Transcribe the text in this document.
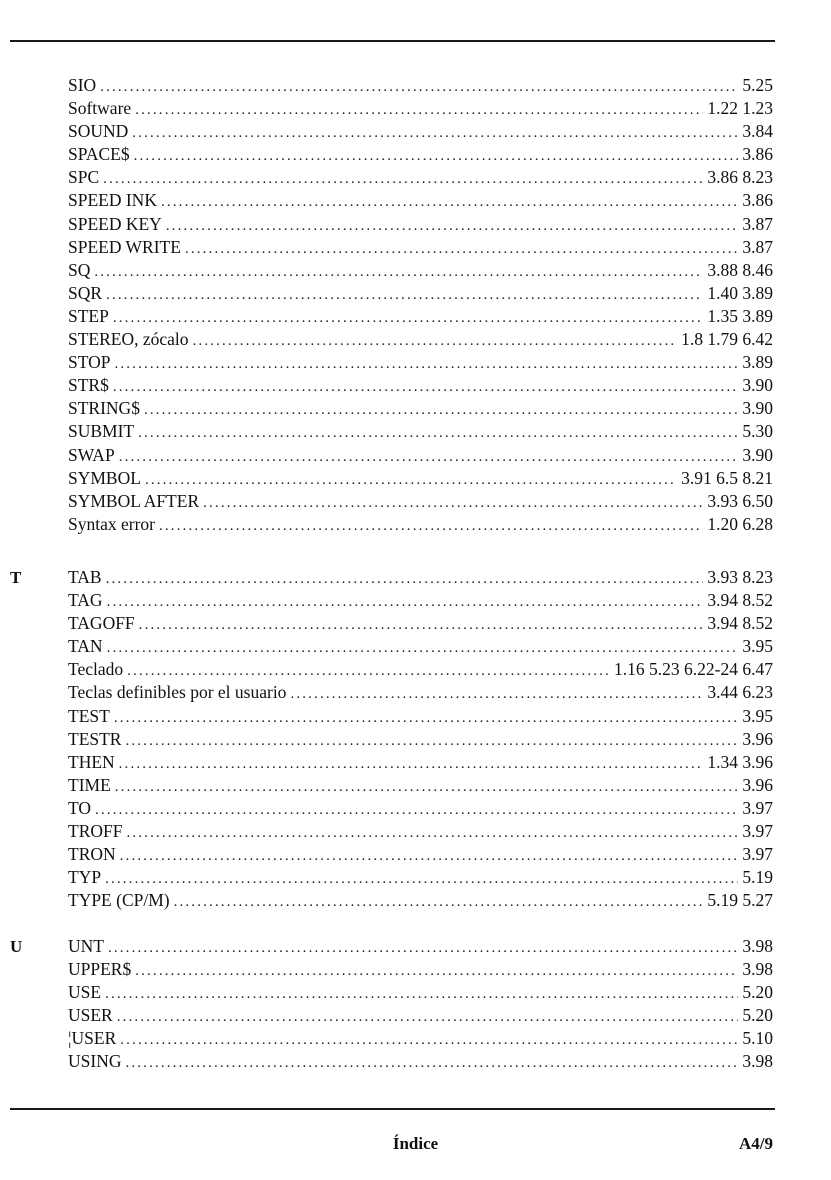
SIO . . .	5.25
Software . . .	1.22 1.23
SOUND . . .	3.84
SPACE$ . . .	3.86
SPC . . .	3.86 8.23
SPEED INK . . .	3.86
SPEED KEY . . .	3.87
SPEED WRITE . . .	3.87
SQ . . .	3.88 8.46
SQR . . .	1.40 3.89
STEP . . .	1.35 3.89
STEREO, zócalo . . .	1.8 1.79 6.42
STOP . . .	3.89
STR$ . . .	3.90
STRING$ . . .	3.90
SUBMIT . . .	5.30
SWAP . . .	3.90
SYMBOL . . .	3.91 6.5 8.21
SYMBOL AFTER . . .	3.93 6.50
Syntax error . . .	1.20 6.28
T	TAB . . .	3.93 8.23
TAG . . .	3.94 8.52
TAGOFF . . .	3.94 8.52
TAN . . .	3.95
Teclado . . .	1.16 5.23 6.22-24 6.47
Teclas definibles por el usuario . . .	3.44 6.23
TEST . . .	3.95
TESTR . . .	3.96
THEN . . .	1.34 3.96
TIME . . .	3.96
TO . . .	3.97
TROFF . . .	3.97
TRON . . .	3.97
TYP . . .	5.19
TYPE (CP/M) . . .	5.19 5.27
U	UNT . . .	3.98
UPPER$ . . .	3.98
USE . . .	5.20
USER . . .	5.20
¦USER . . .	5.10
USING . . .	3.98
Índice	A4/9
